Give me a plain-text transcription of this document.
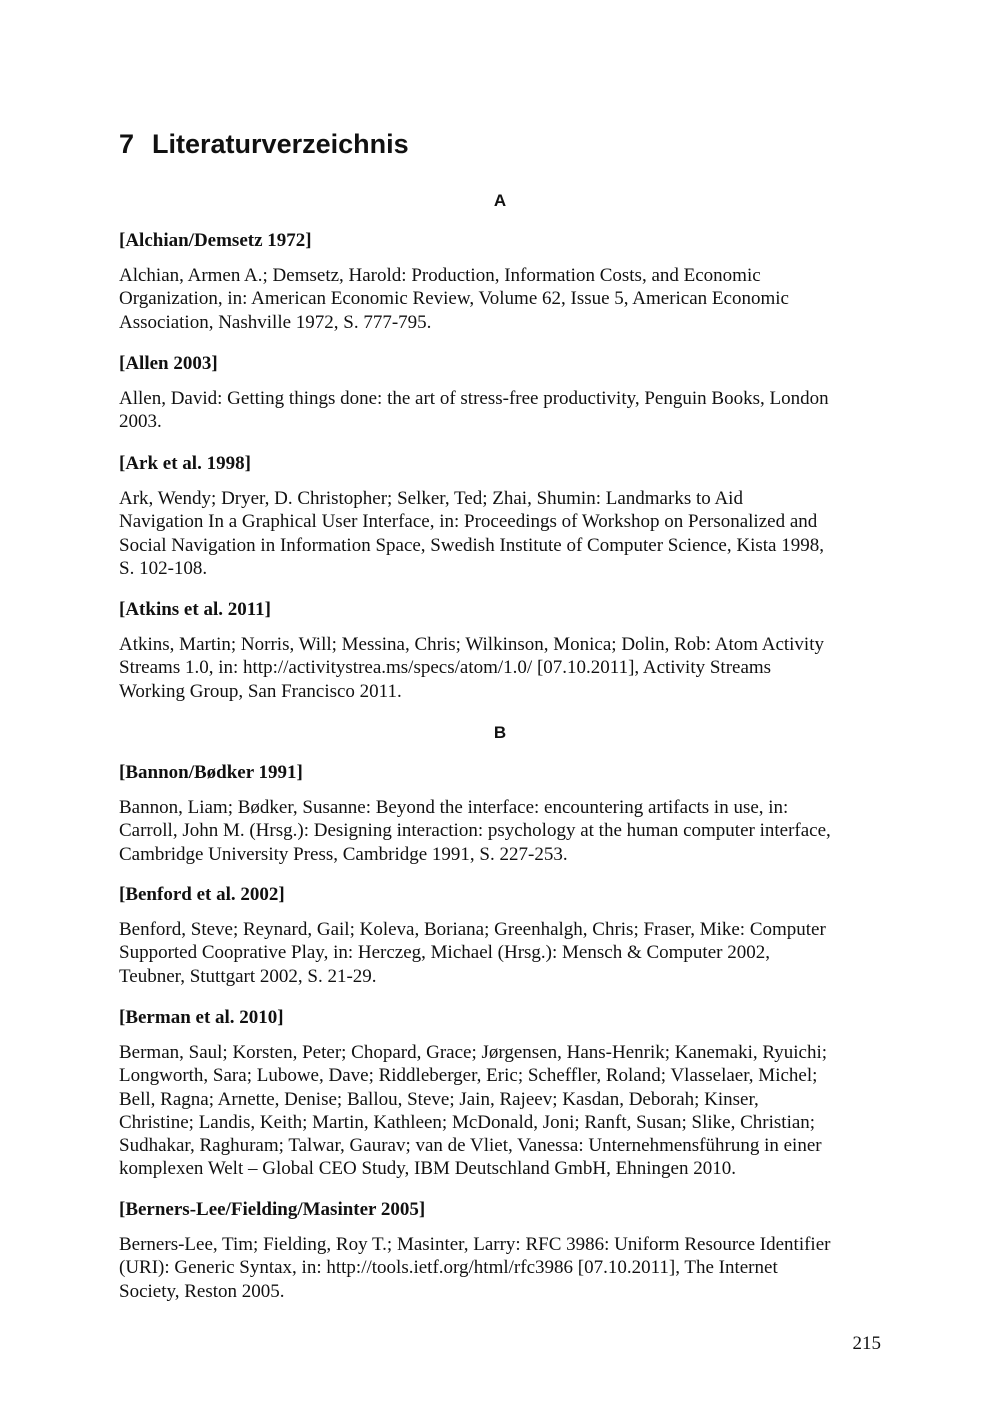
7 Literaturverzeichnis
A

[Alchian/Demsetz 1972]

Alchian, Armen A.; Demsetz, Harold: Production, Information Costs, and Economic
Organization, in: American Economic Review, Volume 62, Issue 5, American Economic
Association, Nashville 1972, S. 777-795.

[Allen 2003]

Allen, David: Getting things done: the art of stress-free productivity, Penguin Books, London
2003.

[Ark et al. 1998]

Ark, Wendy; Dryer, D. Christopher; Selker, Ted; Zhai, Shumin: Landmarks to Aid
Navigation In a Graphical User Interface, in: Proceedings of Workshop on Personalized and
Social Navigation in Information Space, Swedish Institute of Computer Science, Kista 1998,
S. 102-108.

[Atkins et al. 2011]

Atkins, Martin; Norris, Will; Messina, Chris; Wilkinson, Monica; Dolin, Rob: Atom Activity
Streams 1.0, in: http://activitystrea.ms/specs/atom/1.0/ [07.10.2011], Activity Streams
Working Group, San Francisco 2011.

B

[Bannon/Bødker 1991]

Bannon, Liam; Bødker, Susanne: Beyond the interface: encountering artifacts in use, in:
Carroll, John M. (Hrsg.): Designing interaction: psychology at the human computer interface,
Cambridge University Press, Cambridge 1991, S. 227-253.

[Benford et al. 2002]

Benford, Steve; Reynard, Gail; Koleva, Boriana; Greenhalgh, Chris; Fraser, Mike: Computer
Supported Cooprative Play, in: Herczeg, Michael (Hrsg.): Mensch & Computer 2002,
Teubner, Stuttgart 2002, S. 21-29.

[Berman et al. 2010]

Berman, Saul; Korsten, Peter; Chopard, Grace; Jørgensen, Hans-Henrik; Kanemaki, Ryuichi;
Longworth, Sara; Lubowe, Dave; Riddleberger, Eric; Scheffler, Roland; Vlasselaer, Michel;
Bell, Ragna; Arnette, Denise; Ballou, Steve; Jain, Rajeev; Kasdan, Deborah; Kinser,
Christine; Landis, Keith; Martin, Kathleen; McDonald, Joni; Ranft, Susan; Slike, Christian;
Sudhakar, Raghuram; Talwar, Gaurav; van de Vliet, Vanessa: Unternehmensführung in einer
komplexen Welt – Global CEO Study, IBM Deutschland GmbH, Ehningen 2010.

[Berners-Lee/Fielding/Masinter 2005]

Berners-Lee, Tim; Fielding, Roy T.; Masinter, Larry: RFC 3986: Uniform Resource Identifier
(URI): Generic Syntax, in: http://tools.ietf.org/html/rfc3986 [07.10.2011], The Internet
Society, Reston 2005.

215
